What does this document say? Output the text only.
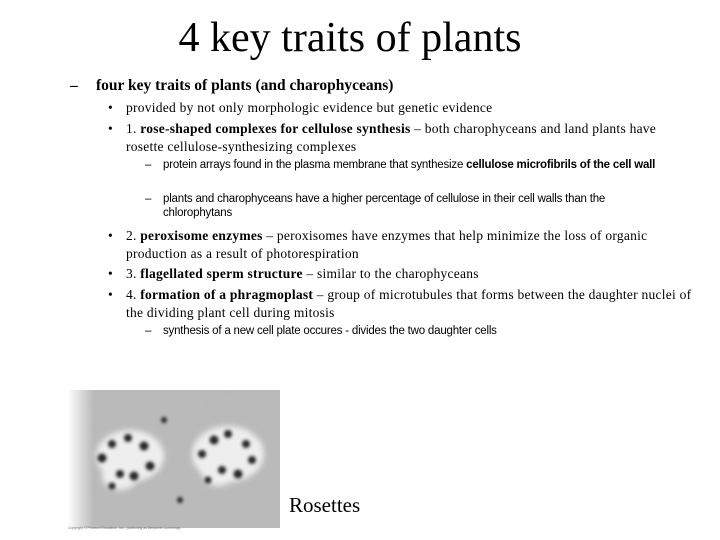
4 key traits of plants
– four key traits of plants (and charophyceans)
• provided by not only morphologic evidence but genetic evidence
• 1. rose-shaped complexes for cellulose synthesis – both charophyceans and land plants have rosette cellulose-synthesizing complexes
– protein arrays found in the plasma membrane that synthesize cellulose microfibrils of the cell wall
– plants and charophyceans have a higher percentage of cellulose in their cell walls than the chlorophytans
• 2. peroxisome enzymes – peroxisomes have enzymes that help minimize the loss of organic production as a result of photorespiration
• 3. flagellated sperm structure – similar to the charophyceans
• 4. formation of a phragmoplast – group of microtubules that forms between the daughter nuclei of the dividing plant cell during mitosis
– synthesis of a new cell plate occures - divides the two daughter cells
Copyright © Pearson Education, Inc., publishing as Benjamin Cummings.
Rosettes
